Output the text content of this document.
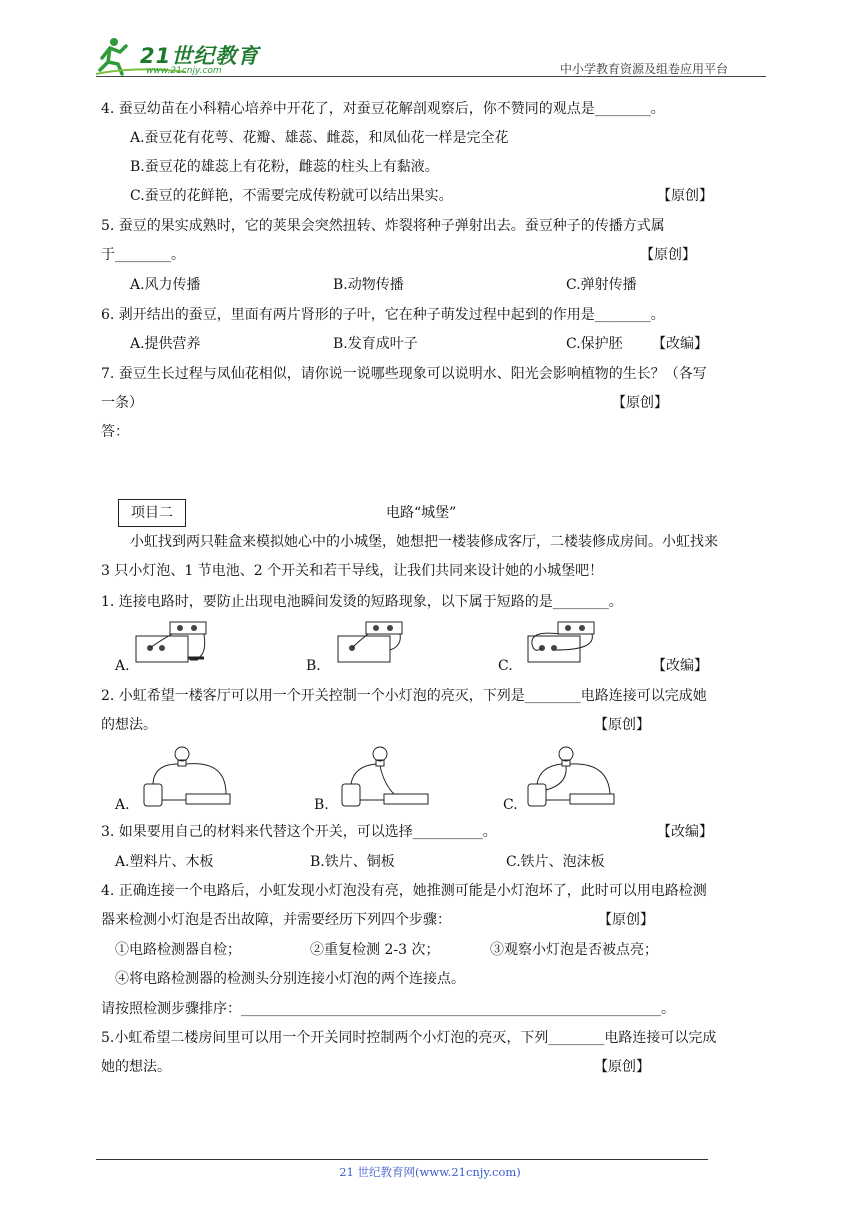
21世纪教育
www.21cnjy.com	中小学教育资源及组卷应用平台
4. 蚕豆幼苗在小科精心培养中开花了，对蚕豆花解剖观察后，你不赞同的观点是________。
A.蚕豆花有花萼、花瓣、雄蕊、雌蕊，和凤仙花一样是完全花
B.蚕豆花的雄蕊上有花粉，雌蕊的柱头上有黏液。
C.蚕豆的花鲜艳，不需要完成传粉就可以结出果实。	【原创】
5. 蚕豆的果实成熟时，它的荚果会突然扭转、炸裂将种子弹射出去。蚕豆种子的传播方式属
于________。	【原创】
A.风力传播	B.动物传播	C.弹射传播
6. 剥开结出的蚕豆，里面有两片肾形的子叶，它在种子萌发过程中起到的作用是________。
A.提供营养	B.发育成叶子	C.保护胚 【改编】
7. 蚕豆生长过程与凤仙花相似，请你说一说哪些现象可以说明水、阳光会影响植物的生长？（各写
一条）	【原创】
答：
项目二	电路“城堡”
小虹找到两只鞋盒来模拟她心中的小城堡，她想把一楼装修成客厅，二楼装修成房间。小虹找来
3 只小灯泡、1 节电池、2 个开关和若干导线，让我们共同来设计她的小城堡吧！
1. 连接电路时，要防止出现电池瞬间发烫的短路现象，以下属于短路的是________。
A.	B.	C.	【改编】
2. 小虹希望一楼客厅可以用一个开关控制一个小灯泡的亮灭，下列是________电路连接可以完成她
的想法。	【原创】
A.	B.	C.
3. 如果要用自己的材料来代替这个开关，可以选择__________。	【改编】
A.塑料片、木板	B.铁片、铜板	C.铁片、泡沫板
4. 正确连接一个电路后，小虹发现小灯泡没有亮，她推测可能是小灯泡坏了，此时可以用电路检测
器来检测小灯泡是否出故障，并需要经历下列四个步骤：	【原创】
①电路检测器自检；	②重复检测 2-3 次；	③观察小灯泡是否被点亮；
④将电路检测器的检测头分别连接小灯泡的两个连接点。
请按照检测步骤排序：____________________________________________________________。
5.小虹希望二楼房间里可以用一个开关同时控制两个小灯泡的亮灭，下列________电路连接可以完成
她的想法。	【原创】
21 世纪教育网(www.21cnjy.com)
